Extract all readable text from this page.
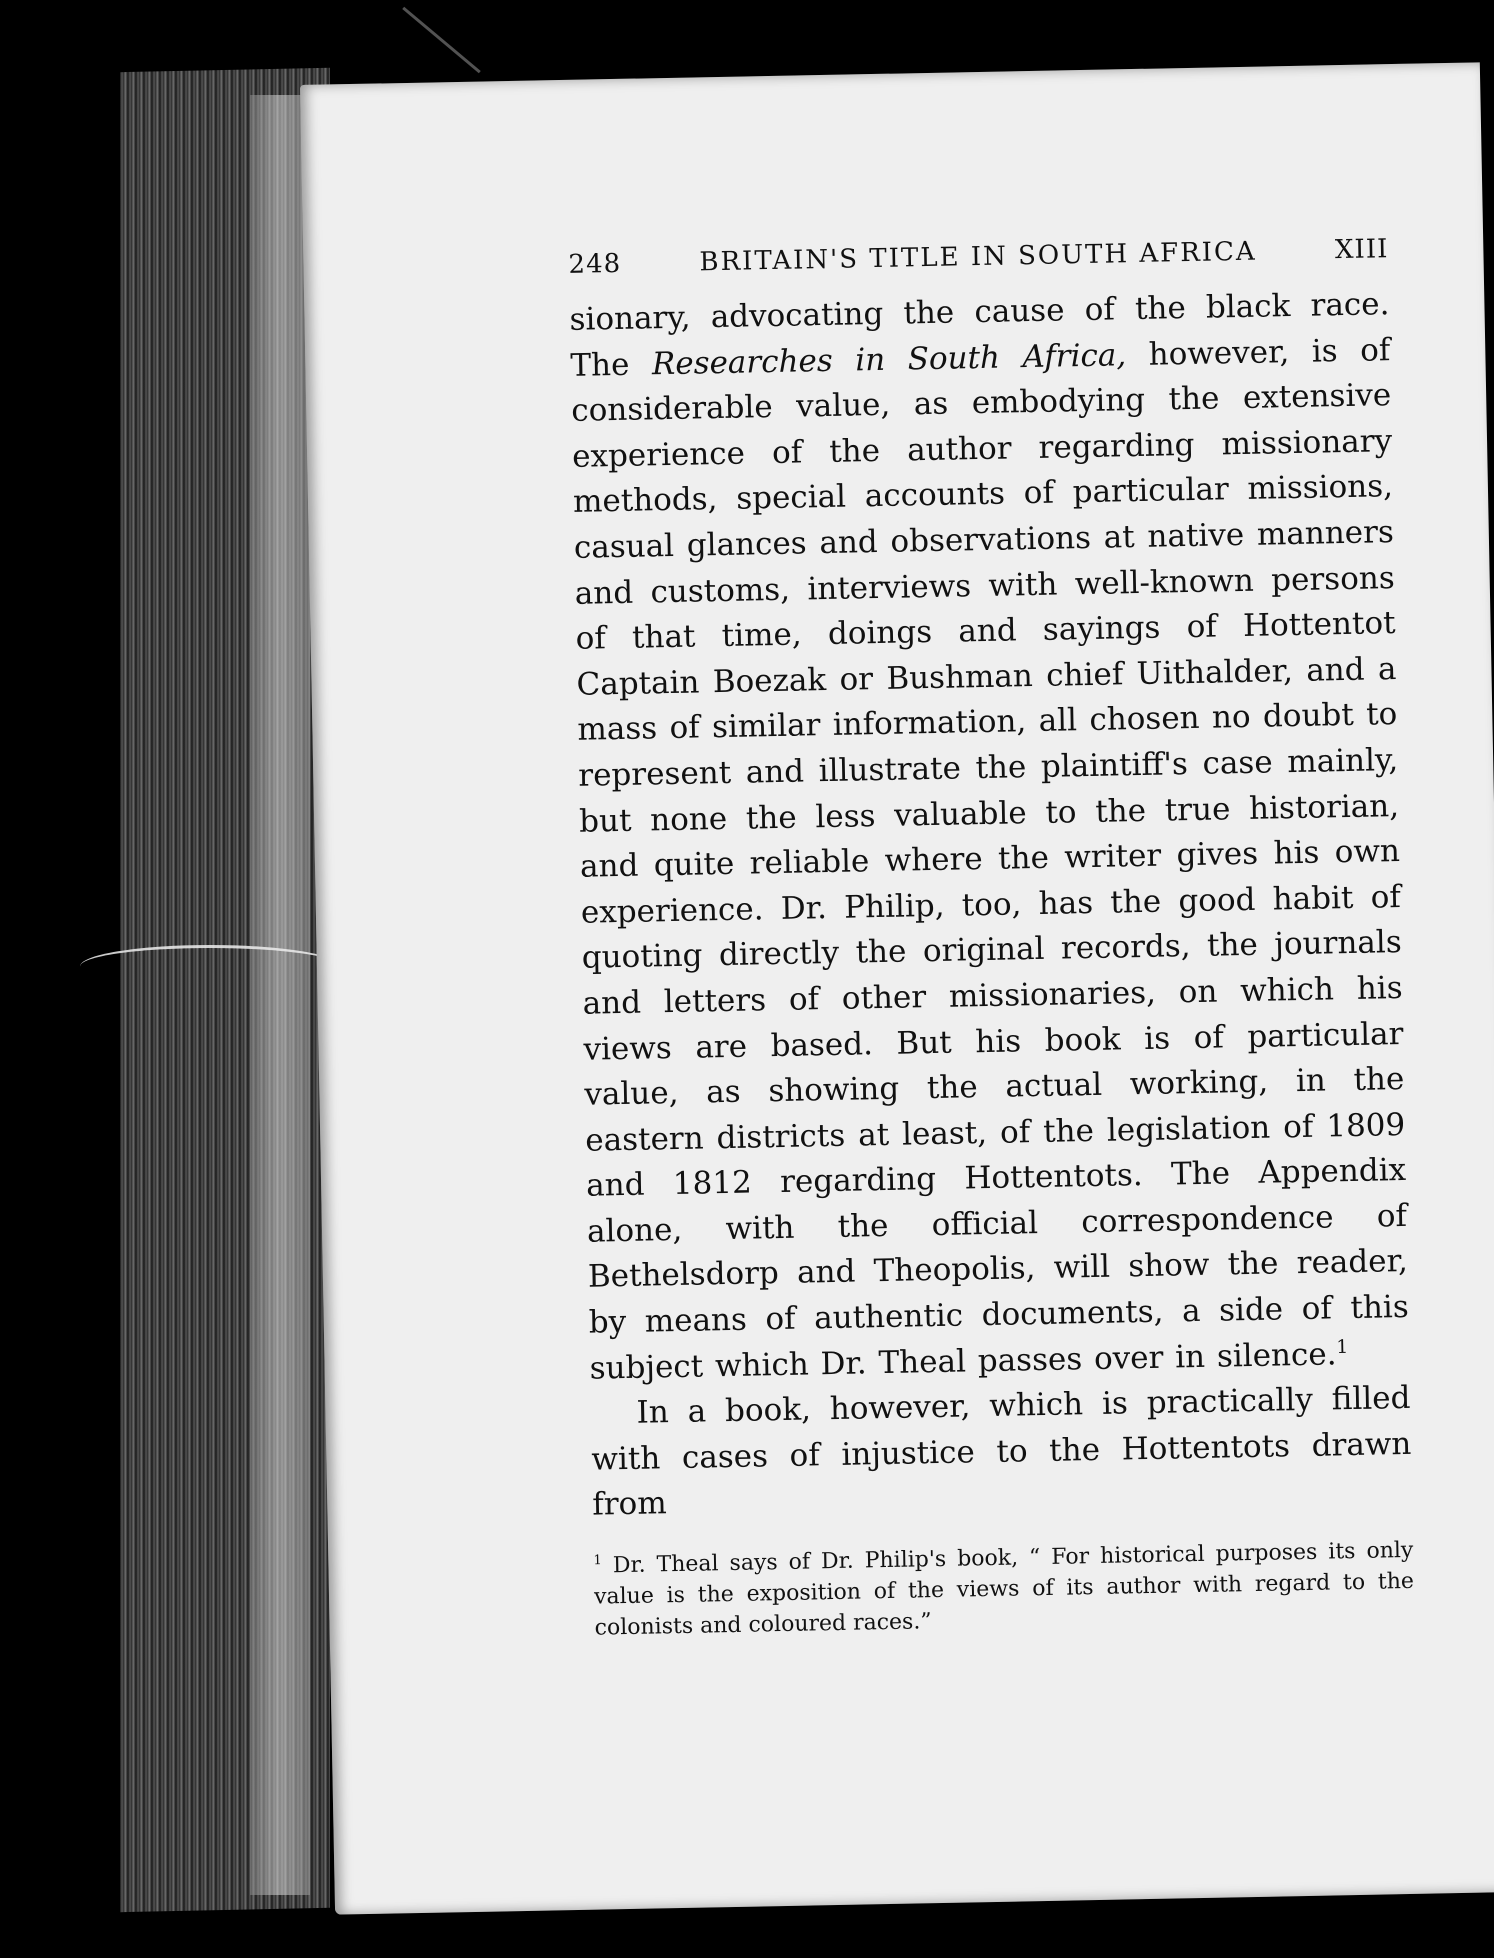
248	BRITAIN'S TITLE IN SOUTH AFRICA	XIII

sionary, advocating the cause of the black race. The Researches in South Africa, however, is of considerable value, as embodying the extensive experience of the author regarding missionary methods, special accounts of particular missions, casual glances and observations at native manners and customs, interviews with well-known persons of that time, doings and sayings of Hottentot Captain Boezak or Bushman chief Uithalder, and a mass of similar information, all chosen no doubt to represent and illustrate the plaintiff's case mainly, but none the less valuable to the true historian, and quite reliable where the writer gives his own experience. Dr. Philip, too, has the good habit of quoting directly the original records, the journals and letters of other missionaries, on which his views are based. But his book is of particular value, as showing the actual working, in the eastern districts at least, of the legislation of 1809 and 1812 regarding Hottentots. The Appendix alone, with the official correspondence of Bethelsdorp and Theopolis, will show the reader, by means of authentic documents, a side of this subject which Dr. Theal passes over in silence.$^1$

In a book, however, which is practically filled with cases of injustice to the Hottentots drawn from

$^1$ Dr. Theal says of Dr. Philip's book, “ For historical purposes its only value is the exposition of the views of its author with regard to the colonists and coloured races.”
